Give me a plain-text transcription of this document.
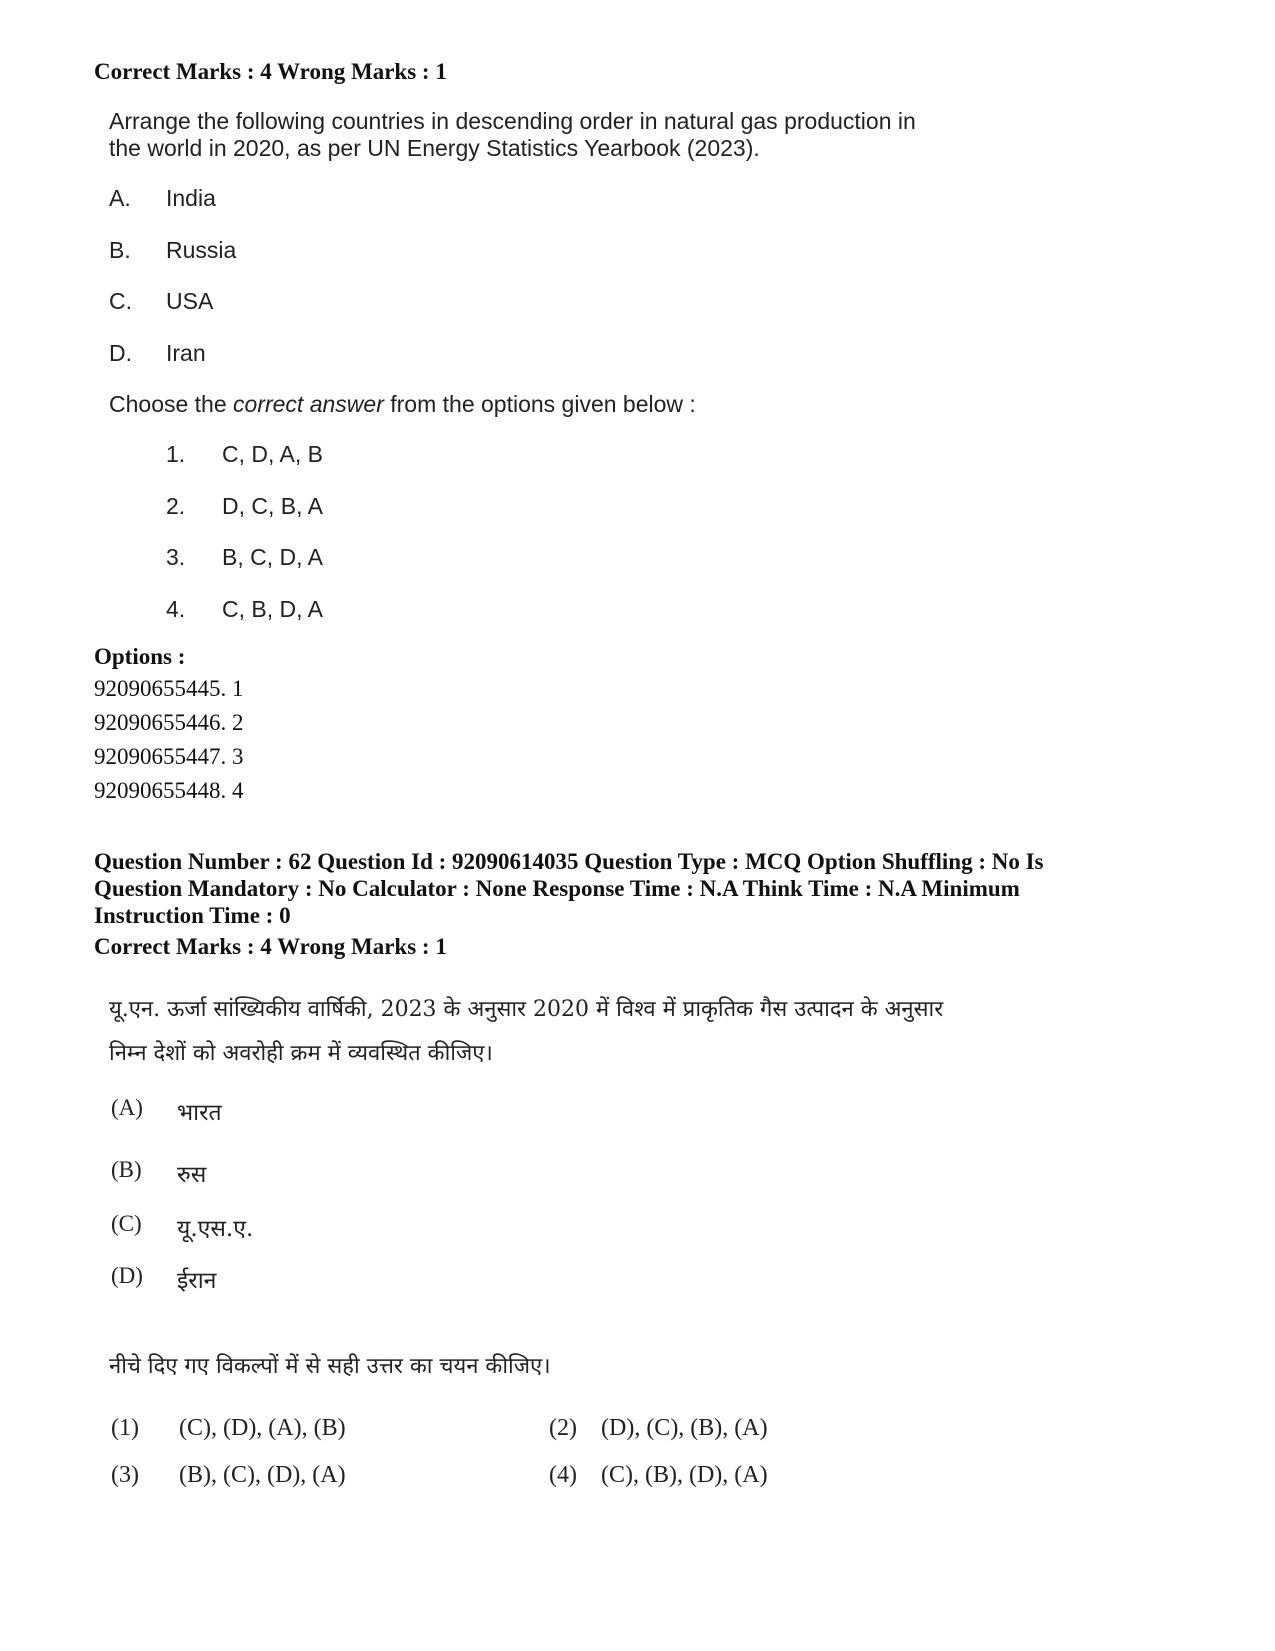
Correct Marks : 4 Wrong Marks : 1
Arrange the following countries in descending order in natural gas production in
the world in 2020, as per UN Energy Statistics Yearbook (2023).
A.	India
B.	Russia
C.	USA
D.	Iran
Choose the correct answer from the options given below :
1.	C, D, A, B
2.	D, C, B, A
3.	B, C, D, A
4.	C, B, D, A
Options :
92090655445. 1
92090655446. 2
92090655447. 3
92090655448. 4
Question Number : 62 Question Id : 92090614035 Question Type : MCQ Option Shuffling : No Is
Question Mandatory : No Calculator : None Response Time : N.A Think Time : N.A Minimum
Instruction Time : 0
Correct Marks : 4 Wrong Marks : 1
यू.एन. ऊर्जा सांख्यिकीय वार्षिकी, 2023 के अनुसार 2020 में विश्व में प्राकृतिक गैस उत्पादन के अनुसार
निम्न देशों को अवरोही क्रम में व्यवस्थित कीजिए।
(A)	भारत
(B)	रुस
(C)	यू.एस.ए.
(D)	ईरान
नीचे दिए गए विकल्पों में से सही उत्तर का चयन कीजिए।
(1)	(C), (D), (A), (B)	(2)	(D), (C), (B), (A)
(3)	(B), (C), (D), (A)	(4)	(C), (B), (D), (A)
